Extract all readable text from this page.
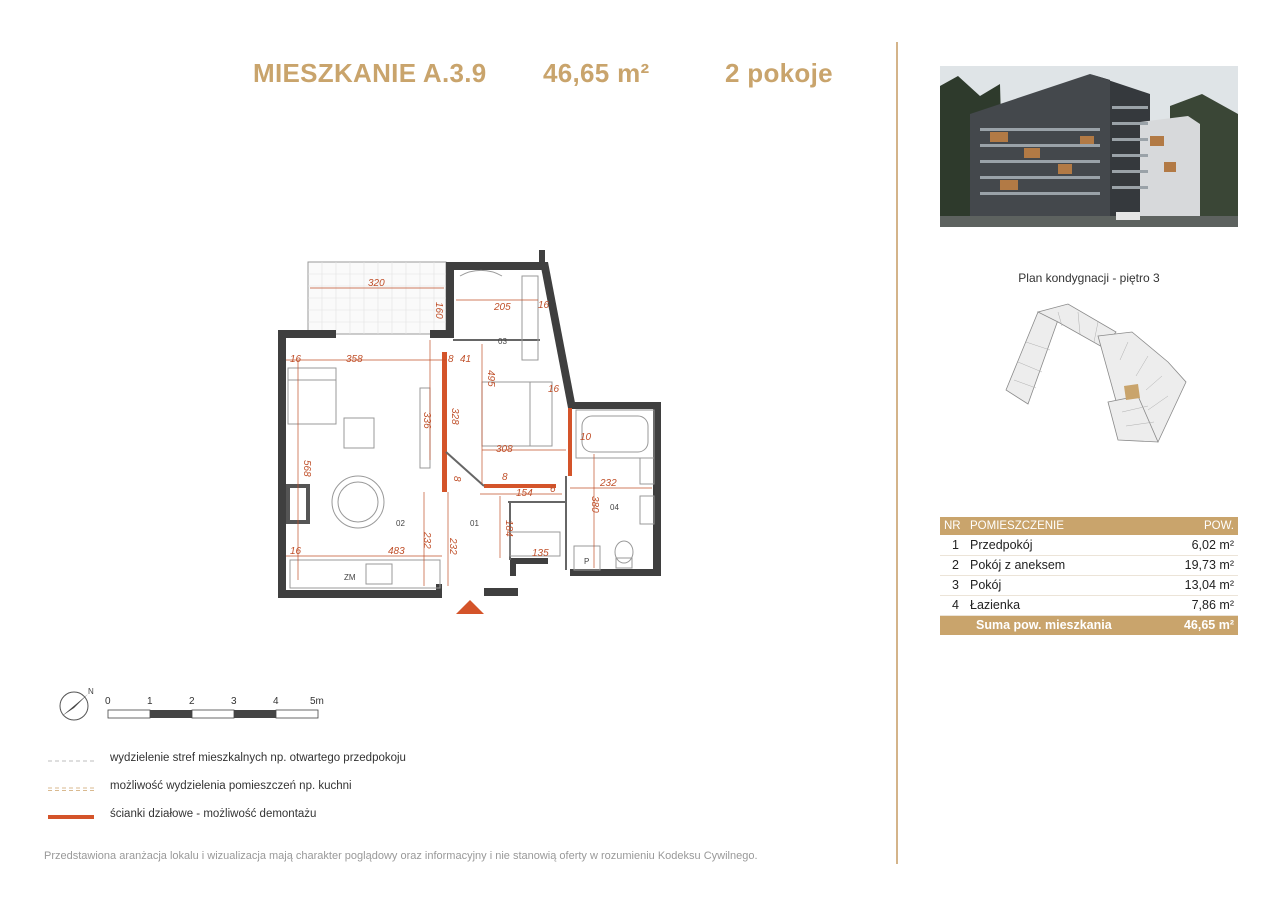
MIESZKANIE A.3.9 46,65 m²	2 pokoje
320
160	205	16
358	8 41
16
16
495
328
336
568
308
10
8
8
154 6
232
380
184
135
483
232 232
16
01
02
03
04
ZM
P
N
0	1	2	3	4	5m
wydzielenie stref mieszkalnych np. otwartego przedpokoju
możliwość wydzielenia pomieszczeń np. kuchni
ścianki działowe - możliwość demontażu
Przedstawiona aranżacja lokalu i wizualizacja mają charakter poglądowy oraz informacyjny i nie stanowią oferty w rozumieniu Kodeksu Cywilnego.
Plan kondygnacji - piętro 3
NR	POMIESZCZENIE	POW.
1	Przedpokój	6,02 m²
2	Pokój z aneksem	19,73 m²
3	Pokój	13,04 m²
4	Łazienka	7,86 m²
Suma pow. mieszkania		46,65 m²
